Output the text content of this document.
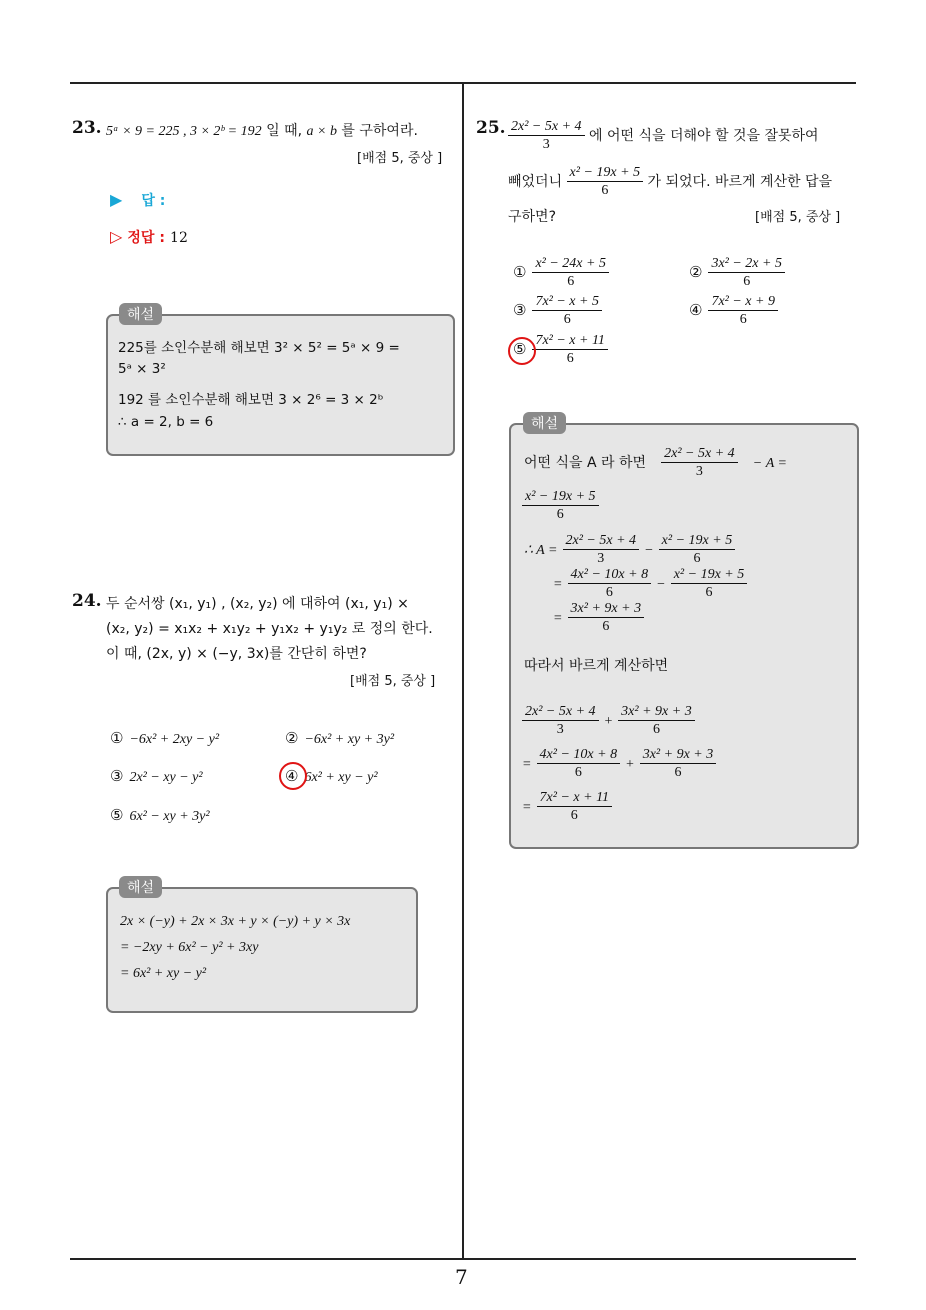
7
23. 5ᵃ × 9 = 225 , 3 × 2ᵇ = 192 일 때, a × b 를 구하여라.
[배점 5, 중상 ]
▶ 답 :
▷ 정답 : 12
해설
225를 소인수분해 해보면 3² × 5² = 5ᵃ × 9 =
5ᵃ × 3²
192 를 소인수분해 해보면 3 × 2⁶ = 3 × 2ᵇ
∴ a = 2, b = 6
24. 두 순서쌍 (x₁, y₁) , (x₂, y₂) 에 대하여 (x₁, y₁) ×
(x₂, y₂) = x₁x₂ + x₁y₂ + y₁x₂ + y₁y₂ 로 정의 한다.
이 때, (2x, y) × (−y, 3x)를 간단히 하면?
[배점 5, 중상 ]
① −6x² + 2xy − y²	② −6x² + xy + 3y²
③ 2x² − xy − y²	④ 6x² + xy − y²
⑤ 6x² − xy + 3y²
해설
2x × (−y) + 2x × 3x + y × (−y) + y × 3x
= −2xy + 6x² − y² + 3xy
= 6x² + xy − y²
25. $\frac{\text{2x² − 5x + 4}}{3}$ 에 어떤 식을 더해야 할 것을 잘못하여
빼었더니 $\frac{\text{x² − 19x + 5}}{6}$ 가 되었다. 바르게 계산한 답을
구하면?	[배점 5, 중상 ]
① $\frac{\text{x² − 24x + 5}}{6}$	② $\frac{\text{3x² − 2x + 5}}{6}$
③ $\frac{\text{7x² − x + 5}}{6}$	④ $\frac{\text{7x² − x + 9}}{6}$
⑤ $\frac{\text{7x² − x + 11}}{6}$
해설
어떤 식을 A 라 하면 $\frac{\text{2x² − 5x + 4}}{3} - A$ =
$\frac{\text{x² − 19x + 5}}{6}$
∴ $A = \frac{\text{2x² − 5x + 4}}{3} - \frac{\text{x² − 19x + 5}}{6}$
= $\frac{\text{4x² − 10x + 8}}{6} - \frac{\text{x² − 19x + 5}}{6}$
= $\frac{\text{3x² + 9x + 3}}{6}$
따라서 바르게 계산하면
$\frac{\text{2x² − 5x + 4}}{3} + \frac{\text{3x² + 9x + 3}}{6}$
= $\frac{\text{4x² − 10x + 8}}{6} + \frac{\text{3x² + 9x + 3}}{6}$
= $\frac{\text{7x² − x + 11}}{6}$
